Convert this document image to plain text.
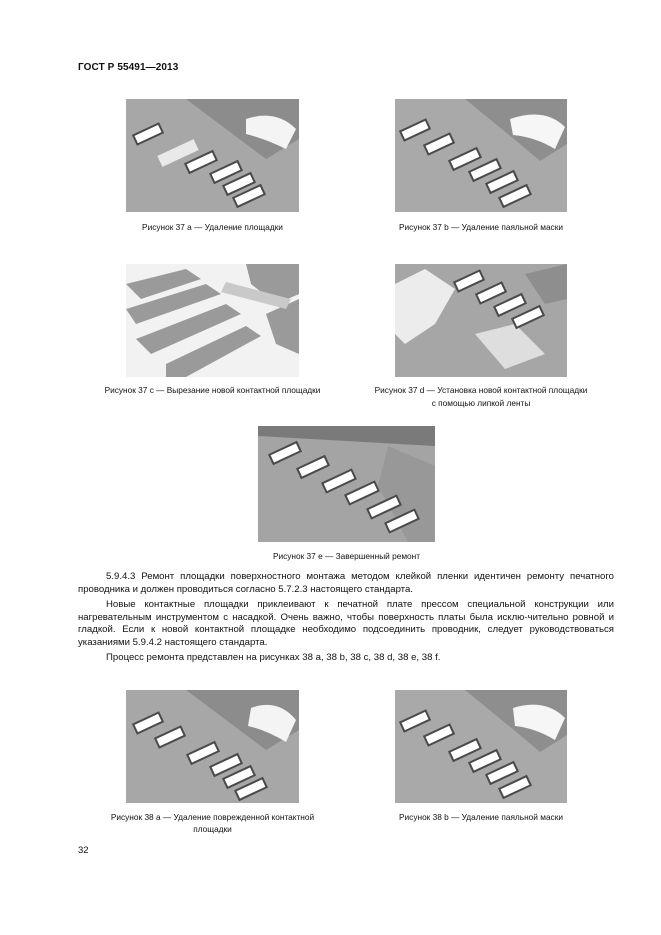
ГОСТ Р 55491—2013
Рисунок 37 a — Удаление площадки	Рисунок 37 b — Удаление паяльной маски
Рисунок 37 c — Вырезание новой контактной площадки	Рисунок 37 d — Установка новой контактной площадки
с помощью липкой ленты
Рисунок 37 e — Завершенный ремонт
5.9.4.3 Ремонт площадки поверхностного монтажа методом клейкой пленки идентичен ремонту печатного проводника и должен проводиться согласно 5.7.2.3 настоящего стандарта.
Новые контактные площадки приклеивают к печатной плате прессом специальной конструкции или нагревательным инструментом с насадкой. Очень важно, чтобы поверхность платы была исклю-чительно ровной и гладкой. Если к новой контактной площадке необходимо подсоединить проводник, следует руководствоваться указаниями 5.9.4.2 настоящего стандарта.
Процесс ремонта представлен на рисунках 38 a, 38 b, 38 c, 38 d, 38 e, 38 f.
Рисунок 38 a — Удаление поврежденной контактной
площадки
Рисунок 38 b — Удаление паяльной маски
32
